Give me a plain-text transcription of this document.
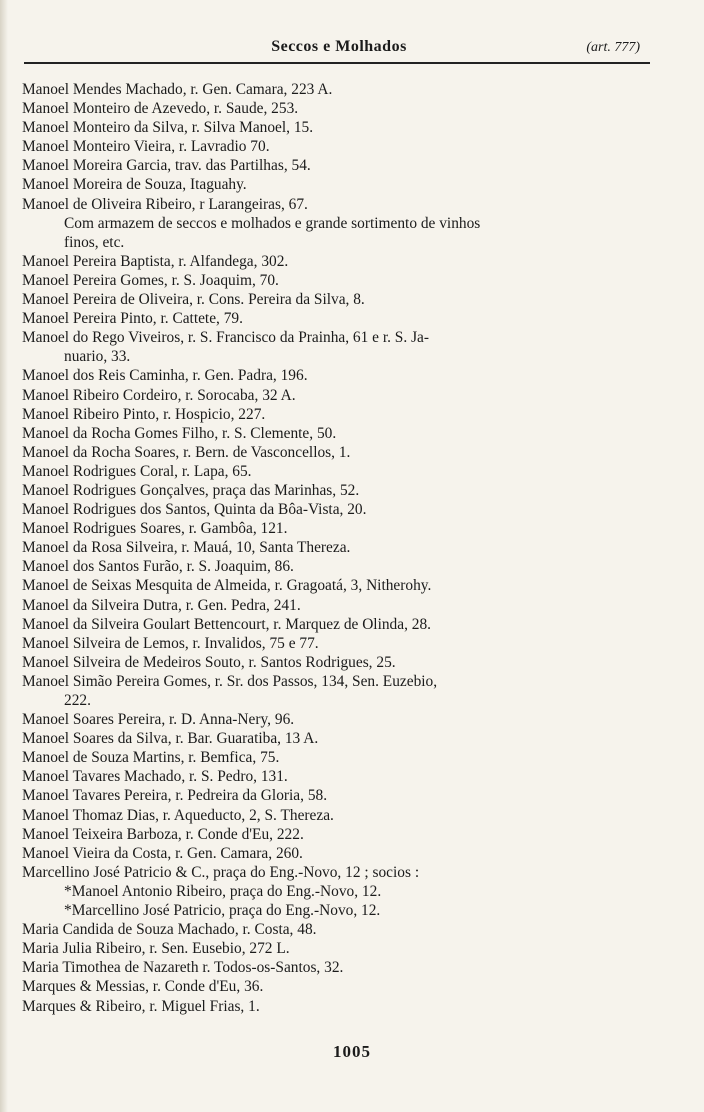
Seccos e Molhados	(art. 777)
Manoel Mendes Machado, r. Gen. Camara, 223 A.
Manoel Monteiro de Azevedo, r. Saude, 253.
Manoel Monteiro da Silva, r. Silva Manoel, 15.
Manoel Monteiro Vieira, r. Lavradio 70.
Manoel Moreira Garcia, trav. das Partilhas, 54.
Manoel Moreira de Souza, Itaguahy.
Manoel de Oliveira Ribeiro, r Larangeiras, 67.
Com armazem de seccos e molhados e grande sortimento de vinhos
finos, etc.
Manoel Pereira Baptista, r. Alfandega, 302.
Manoel Pereira Gomes, r. S. Joaquim, 70.
Manoel Pereira de Oliveira, r. Cons. Pereira da Silva, 8.
Manoel Pereira Pinto, r. Cattete, 79.
Manoel do Rego Viveiros, r. S. Francisco da Prainha, 61 e r. S. Ja-
nuario, 33.
Manoel dos Reis Caminha, r. Gen. Padra, 196.
Manoel Ribeiro Cordeiro, r. Sorocaba, 32 A.
Manoel Ribeiro Pinto, r. Hospicio, 227.
Manoel da Rocha Gomes Filho, r. S. Clemente, 50.
Manoel da Rocha Soares, r. Bern. de Vasconcellos, 1.
Manoel Rodrigues Coral, r. Lapa, 65.
Manoel Rodrigues Gonçalves, praça das Marinhas, 52.
Manoel Rodrigues dos Santos, Quinta da Bôa-Vista, 20.
Manoel Rodrigues Soares, r. Gambôa, 121.
Manoel da Rosa Silveira, r. Mauá, 10, Santa Thereza.
Manoel dos Santos Furão, r. S. Joaquim, 86.
Manoel de Seixas Mesquita de Almeida, r. Gragoatá, 3, Nitherohy.
Manoel da Silveira Dutra, r. Gen. Pedra, 241.
Manoel da Silveira Goulart Bettencourt, r. Marquez de Olinda, 28.
Manoel Silveira de Lemos, r. Invalidos, 75 e 77.
Manoel Silveira de Medeiros Souto, r. Santos Rodrigues, 25.
Manoel Simão Pereira Gomes, r. Sr. dos Passos, 134, Sen. Euzebio,
222.
Manoel Soares Pereira, r. D. Anna-Nery, 96.
Manoel Soares da Silva, r. Bar. Guaratiba, 13 A.
Manoel de Souza Martins, r. Bemfica, 75.
Manoel Tavares Machado, r. S. Pedro, 131.
Manoel Tavares Pereira, r. Pedreira da Gloria, 58.
Manoel Thomaz Dias, r. Aqueducto, 2, S. Thereza.
Manoel Teixeira Barboza, r. Conde d'Eu, 222.
Manoel Vieira da Costa, r. Gen. Camara, 260.
Marcellino José Patricio & C., praça do Eng.-Novo, 12 ; socios :
*Manoel Antonio Ribeiro, praça do Eng.-Novo, 12.
*Marcellino José Patricio, praça do Eng.-Novo, 12.
Maria Candida de Souza Machado, r. Costa, 48.
Maria Julia Ribeiro, r. Sen. Eusebio, 272 L.
Maria Timothea de Nazareth r. Todos-os-Santos, 32.
Marques & Messias, r. Conde d'Eu, 36.
Marques & Ribeiro, r. Miguel Frias, 1.
1005
